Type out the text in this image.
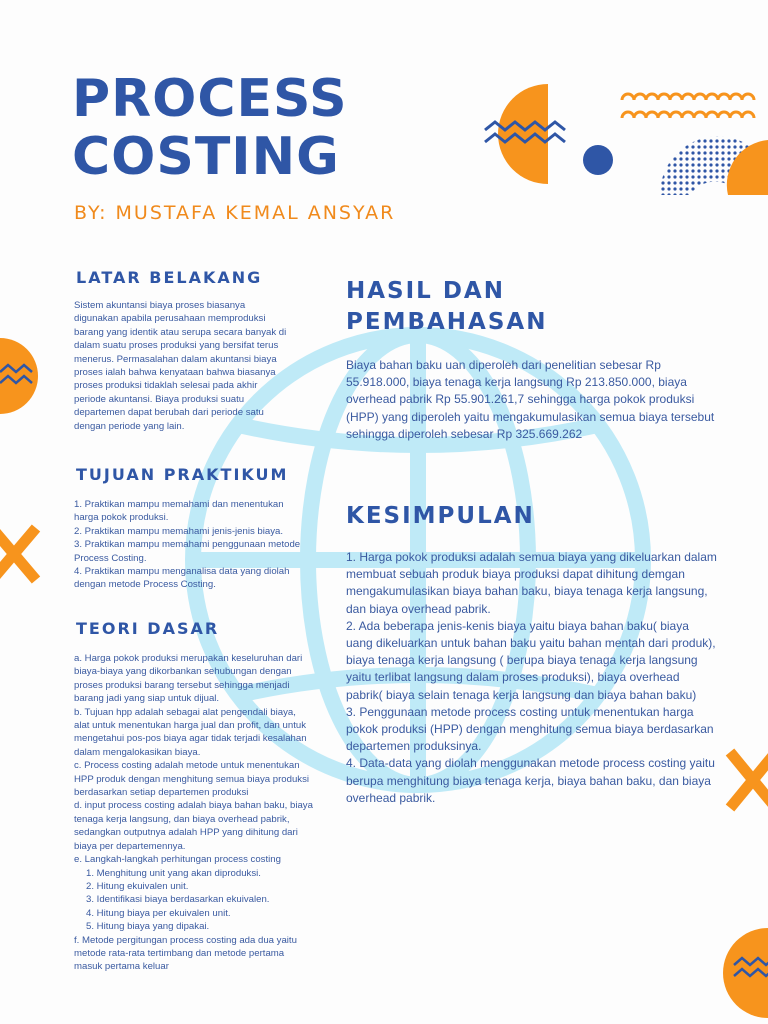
PROCESS
COSTING

BY: MUSTAFA KEMAL ANSYAR

LATAR BELAKANG

Sistem akuntansi biaya proses biasanya digunakan apabila perusahaan memproduksi barang yang identik atau serupa secara banyak di dalam suatu proses produksi yang bersifat terus menerus. Permasalahan dalam akuntansi biaya proses ialah bahwa kenyataan bahwa biasanya proses produksi tidaklah selesai pada akhir periode akuntansi. Biaya produksi suatu departemen dapat berubah dari periode satu dengan periode yang lain.

TUJUAN PRAKTIKUM

1. Praktikan mampu memahami dan menentukan harga pokok produksi.

2. Praktikan mampu memahami jenis-jenis biaya.

3. Praktikan mampu memahami penggunaan metode Process Costing.

4. Praktikan mampu menganalisa data yang diolah dengan metode Process Costing.

TEORI DASAR

a. Harga pokok produksi merupakan keseluruhan dari biaya-biaya yang dikorbankan sehubungan dengan proses produksi barang tersebut sehingga menjadi barang jadi yang siap untuk dijual.

b. Tujuan hpp adalah sebagai alat pengendali biaya, alat untuk menentukan harga jual dan profit, dan untuk mengetahui pos-pos biaya agar tidak terjadi kesalahan dalam mengalokasikan biaya.

c. Process costing adalah metode untuk menentukan HPP produk dengan menghitung semua biaya produksi berdasarkan setiap departemen produksi

d. input process costing adalah biaya bahan baku, biaya tenaga kerja langsung, dan biaya overhead pabrik, sedangkan outputnya adalah HPP yang dihitung dari biaya per departemennya.

e. Langkah-langkah perhitungan process costing

1. Menghitung unit yang akan diproduksi.

2. Hitung ekuivalen unit.

3. Identifikasi biaya berdasarkan ekuivalen.

4. Hitung biaya per ekuivalen unit.

5. Hitung biaya yang dipakai.

f. Metode pergitungan process costing ada dua yaitu metode rata-rata tertimbang dan metode pertama masuk pertama keluar

HASIL DAN
PEMBAHASAN

Biaya bahan baku uan diperoleh dari penelitian sebesar Rp 55.918.000, biaya tenaga kerja langsung Rp 213.850.000, biaya overhead pabrik Rp 55.901.261,7 sehingga harga pokok produksi (HPP) yang diperoleh yaitu mengakumulasikan semua biaya tersebut sehingga diperoleh sebesar Rp 325.669.262

KESIMPULAN

1. Harga pokok produksi adalah semua biaya yang dikeluarkan dalam membuat sebuah produk biaya produksi dapat dihitung demgan mengakumulasikan biaya bahan baku, biaya tenaga kerja langsung, dan biaya overhead pabrik.

2. Ada beberapa jenis-kenis biaya yaitu biaya bahan baku( biaya uang dikeluarkan untuk bahan baku yaitu bahan mentah dari produk), biaya tenaga kerja langsung ( berupa biaya tenaga kerja langsung yaitu terlibat langsung dalam proses produksi), biaya overhead pabrik( biaya selain tenaga kerja langsung dan biaya bahan baku)

3. Penggunaan metode process costing untuk menentukan harga pokok produksi (HPP) dengan menghitung semua biaya berdasarkan departemen produksinya.

4. Data-data yang diolah menggunakan metode process costing yaitu berupa menghitung biaya tenaga kerja, biaya bahan baku, dan biaya overhead pabrik.
